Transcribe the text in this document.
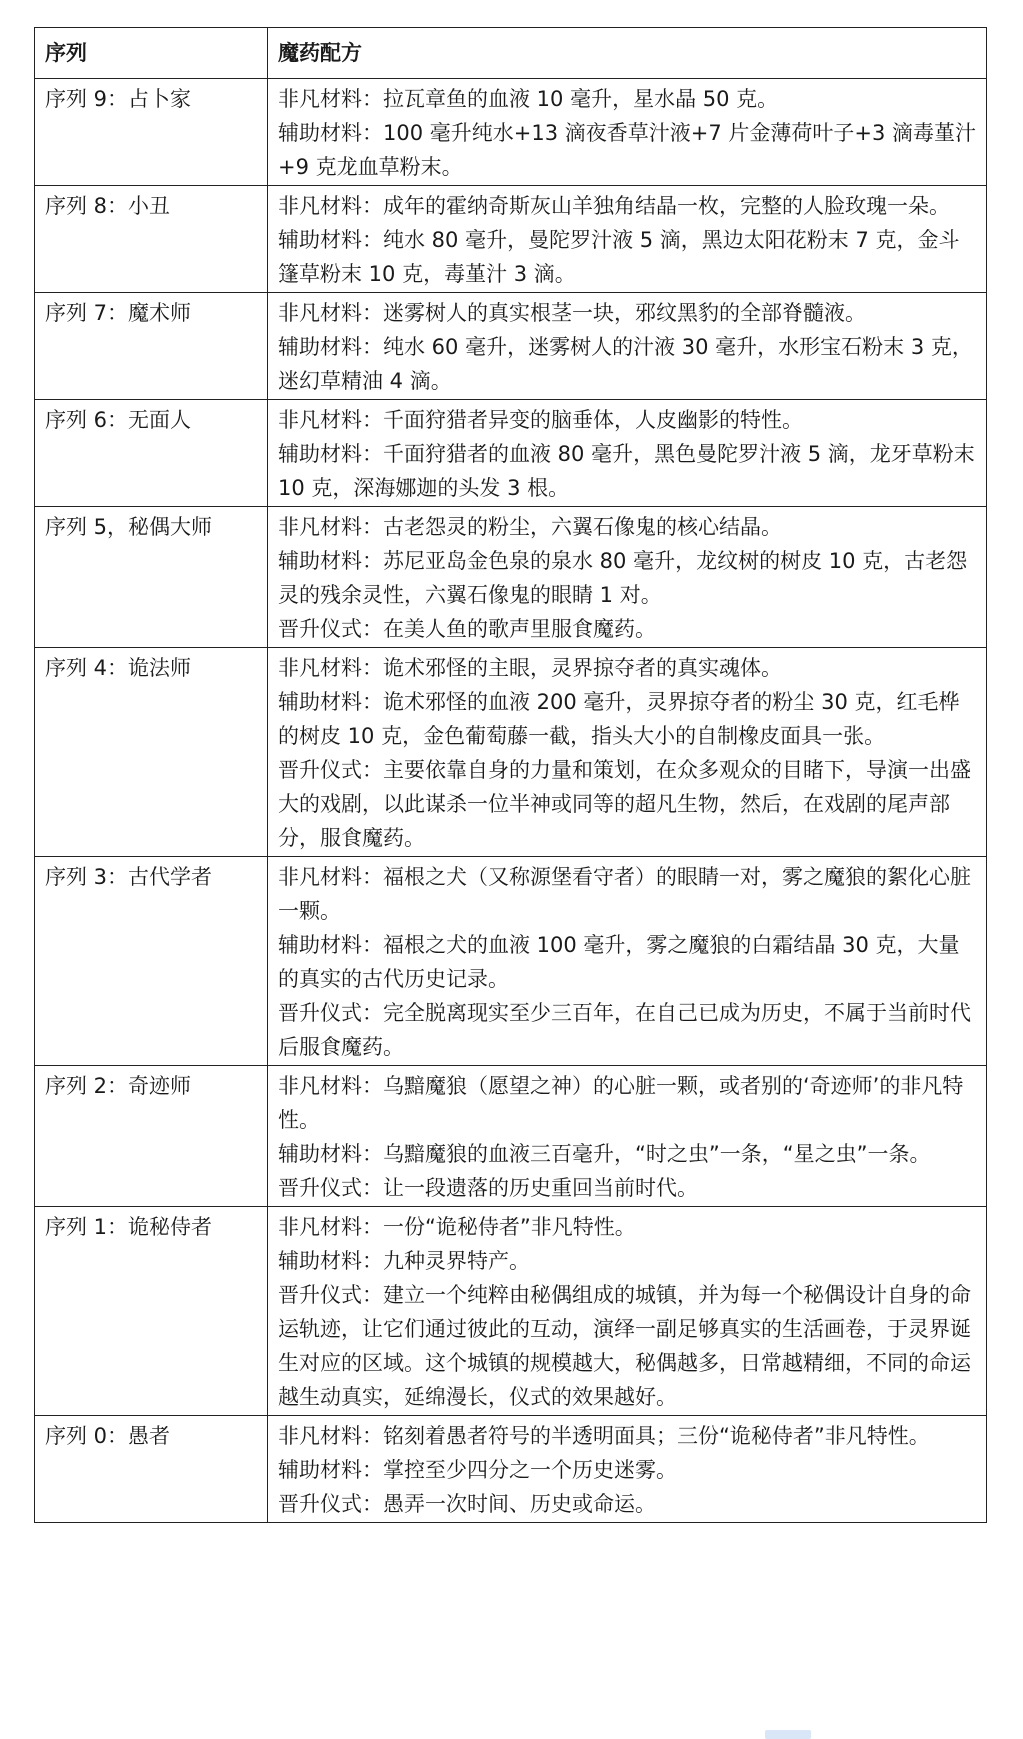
序列	魔药配方
序列 9：占卜家	非凡材料：拉瓦章鱼的血液 10 毫升，星水晶 50 克。
辅助材料：100 毫升纯水+13 滴夜香草汁液+7 片金薄荷叶子+3 滴毒堇汁+9 克龙血草粉末。

序列 8：小丑	非凡材料：成年的霍纳奇斯灰山羊独角结晶一枚，完整的人脸玫瑰一朵。
辅助材料：纯水 80 毫升，曼陀罗汁液 5 滴，黑边太阳花粉末 7 克，金斗篷草粉末 10 克，毒堇汁 3 滴。

序列 7：魔术师	非凡材料：迷雾树人的真实根茎一块，邪纹黑豹的全部脊髓液。
辅助材料：纯水 60 毫升，迷雾树人的汁液 30 毫升，水形宝石粉末 3 克，迷幻草精油 4 滴。

序列 6：无面人	非凡材料：千面狩猎者异变的脑垂体，人皮幽影的特性。
辅助材料：千面狩猎者的血液 80 毫升，黑色曼陀罗汁液 5 滴，龙牙草粉末 10 克，深海娜迦的头发 3 根。

序列 5，秘偶大师	非凡材料：古老怨灵的粉尘，六翼石像鬼的核心结晶。
辅助材料：苏尼亚岛金色泉的泉水 80 毫升，龙纹树的树皮 10 克，古老怨灵的残余灵性，六翼石像鬼的眼睛 1 对。
晋升仪式：在美人鱼的歌声里服食魔药。

序列 4：诡法师	非凡材料：诡术邪怪的主眼，灵界掠夺者的真实魂体。
辅助材料：诡术邪怪的血液 200 毫升，灵界掠夺者的粉尘 30 克，红毛桦的树皮 10 克，金色葡萄藤一截，指头大小的自制橡皮面具一张。
晋升仪式：主要依靠自身的力量和策划，在众多观众的目睹下，导演一出盛大的戏剧，以此谋杀一位半神或同等的超凡生物，然后，在戏剧的尾声部分，服食魔药。

序列 3：古代学者	非凡材料：福根之犬（又称源堡看守者）的眼睛一对，雾之魔狼的絮化心脏一颗。
辅助材料：福根之犬的血液 100 毫升，雾之魔狼的白霜结晶 30 克，大量的真实的古代历史记录。
晋升仪式：完全脱离现实至少三百年，在自己已成为历史，不属于当前时代后服食魔药。

序列 2：奇迹师	非凡材料：乌黯魔狼（愿望之神）的心脏一颗，或者别的‘奇迹师’的非凡特性。
辅助材料：乌黯魔狼的血液三百毫升，“时之虫”一条，“星之虫”一条。
晋升仪式：让一段遗落的历史重回当前时代。

序列 1：诡秘侍者	非凡材料：一份“诡秘侍者”非凡特性。
辅助材料：九种灵界特产。
晋升仪式：建立一个纯粹由秘偶组成的城镇，并为每一个秘偶设计自身的命运轨迹，让它们通过彼此的互动，演绎一副足够真实的生活画卷，于灵界诞生对应的区域。这个城镇的规模越大，秘偶越多，日常越精细，不同的命运越生动真实，延绵漫长，仪式的效果越好。

序列 0：愚者	非凡材料：铭刻着愚者符号的半透明面具；三份“诡秘侍者”非凡特性。
辅助材料：掌控至少四分之一个历史迷雾。
晋升仪式：愚弄一次时间、历史或命运。
